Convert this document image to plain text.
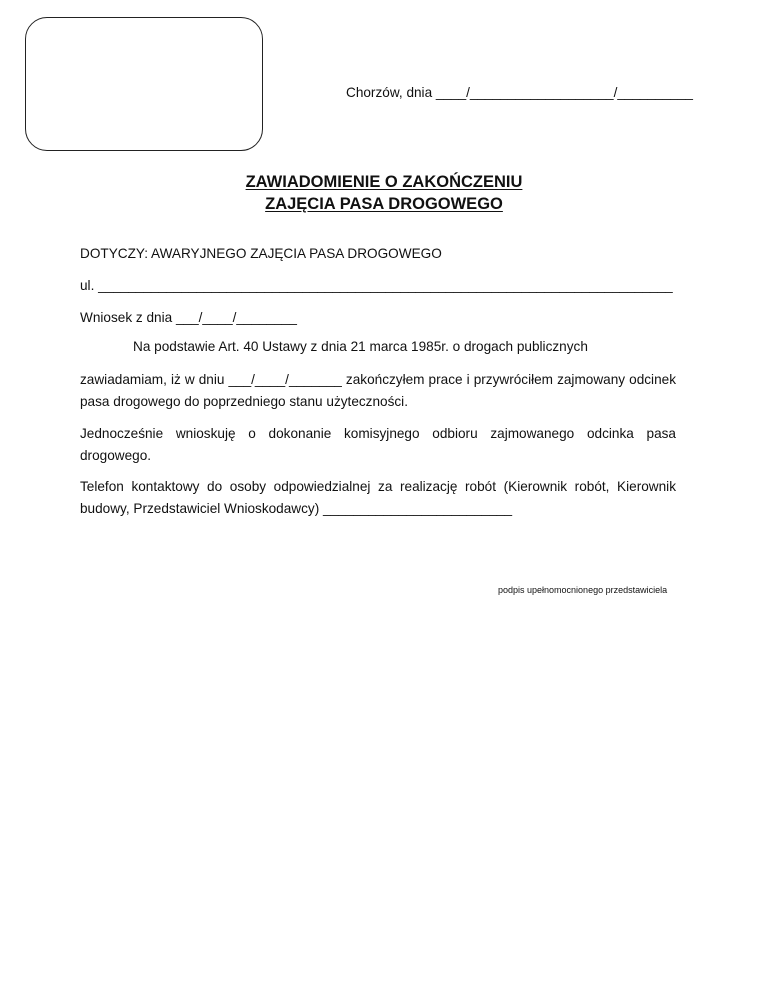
Chorzów, dnia ____/___________________/__________
ZAWIADOMIENIE O ZAKOŃCZENIU
ZAJĘCIA PASA DROGOWEGO
DOTYCZY: AWARYJNEGO ZAJĘCIA PASA DROGOWEGO
ul. ____________________________________________________________________________
Wniosek z dnia ___/____/________
Na podstawie Art. 40 Ustawy z dnia 21 marca 1985r. o drogach publicznych
zawiadamiam, iż w dniu ___/____/_______ zakończyłem prace i przywróciłem zajmowany odcinek pasa drogowego do poprzedniego stanu użyteczności.
Jednocześnie wnioskuję o dokonanie komisyjnego odbioru zajmowanego odcinka pasa drogowego.
Telefon kontaktowy do osoby odpowiedzialnej za realizację robót (Kierownik robót, Kierownik budowy, Przedstawiciel Wnioskodawcy) _________________________
podpis upełnomocnionego przedstawiciela
